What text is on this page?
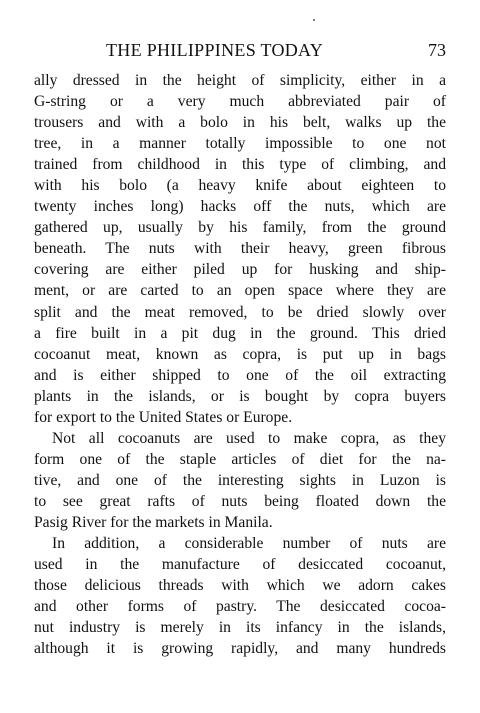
THE PHILIPPINES TODAY	73
ally dressed in the height of simplicity, either in a
G-string or a very much abbreviated pair of
trousers and with a bolo in his belt, walks up the
tree, in a manner totally impossible to one not
trained from childhood in this type of climbing, and
with his bolo (a heavy knife about eighteen to
twenty inches long) hacks off the nuts, which are
gathered up, usually by his family, from the ground
beneath. The nuts with their heavy, green fibrous
covering are either piled up for husking and ship-
ment, or are carted to an open space where they are
split and the meat removed, to be dried slowly over
a fire built in a pit dug in the ground. This dried
cocoanut meat, known as copra, is put up in bags
and is either shipped to one of the oil extracting
plants in the islands, or is bought by copra buyers
for export to the United States or Europe.
Not all cocoanuts are used to make copra, as they
form one of the staple articles of diet for the na-
tive, and one of the interesting sights in Luzon is
to see great rafts of nuts being floated down the
Pasig River for the markets in Manila.
In addition, a considerable number of nuts are
used in the manufacture of desiccated cocoanut,
those delicious threads with which we adorn cakes
and other forms of pastry. The desiccated cocoa-
nut industry is merely in its infancy in the islands,
although it is growing rapidly, and many hundreds
